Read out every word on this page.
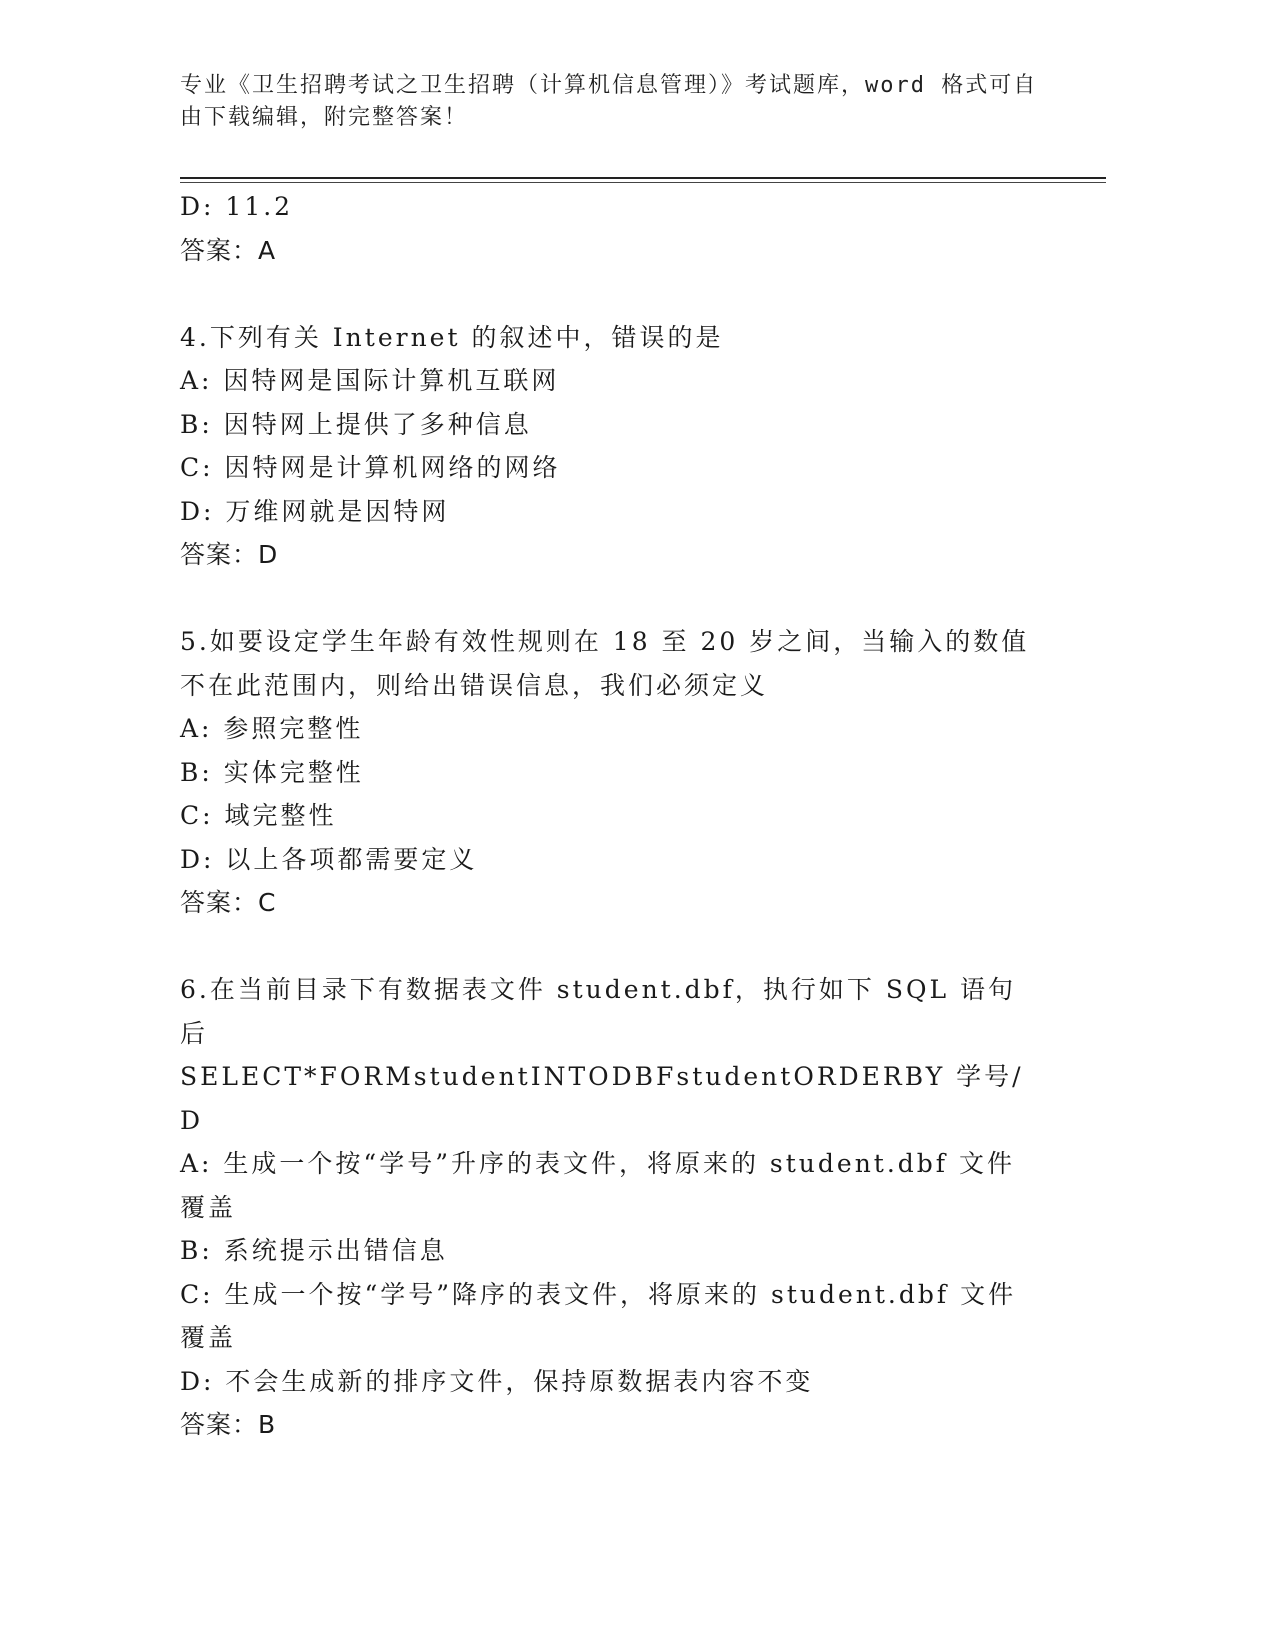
专业《卫生招聘考试之卫生招聘（计算机信息管理）》考试题库，word 格式可自
由下载编辑，附完整答案！
D: 11.2
答案：A
4.下列有关 Internet 的叙述中，错误的是
A: 因特网是国际计算机互联网
B: 因特网上提供了多种信息
C: 因特网是计算机网络的网络
D: 万维网就是因特网
答案：D
5.如要设定学生年龄有效性规则在 18 至 20 岁之间，当输入的数值不在此范围内，则给出错误信息，我们必须定义
A: 参照完整性
B: 实体完整性
C: 域完整性
D: 以上各项都需要定义
答案：C
6.在当前目录下有数据表文件 student.dbf，执行如下 SQL 语句后
SELECT*FORMstudentINTODBFstudentORDERBY 学号/D
A: 生成一个按“学号”升序的表文件，将原来的 student.dbf 文件覆盖
B: 系统提示出错信息
C: 生成一个按“学号”降序的表文件，将原来的 student.dbf 文件覆盖
D: 不会生成新的排序文件，保持原数据表内容不变
答案：B
